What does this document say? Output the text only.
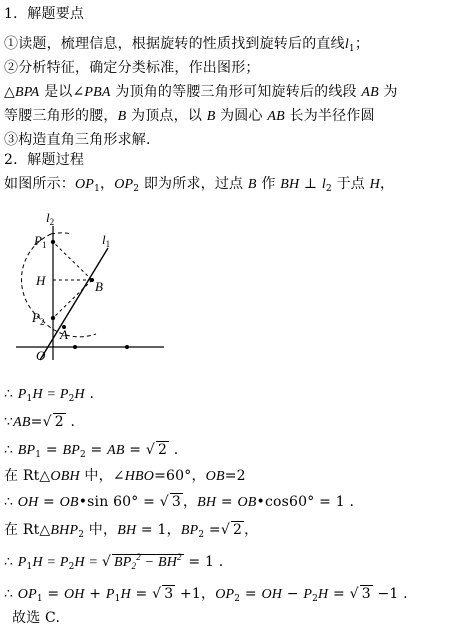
1．解题要点
①读题，梳理信息，根据旋转的性质找到旋转后的直线$l_1$；
②分析特征，确定分类标准，作出图形；
△BPA 是以∠PBA 为顶角的等腰三角形可知旋转后的线段 AB 为
等腰三角形的腰，B 为顶点，以 B 为圆心 AB 长为半径作圆
③构造直角三角形求解.
2．解题过程
如图所示：$OP_1$，$OP_2$ 即为所求，过点 B 作 BH ⊥ $l_2$ 于点 H，
$l_2$
$l_1$
$P_1$
H	B
$P_2$
A
O
∴ $P_1H = P_2H$ .
∵AB=√ 2 .
∴ $BP_1 = BP_2$ = AB = √ 2 .
在 Rt△OBH 中，∠HBO=60°，OB=2
∴ OH = OB•sin 60° = √ 3 ，BH = OB•cos60° = 1 .
在 $Rt\triangle BHP_2$ 中，BH = 1，$BP_2$ =√ 2 ，
∴ $P_1H = P_2H$ = √ $BP_2^2 - BH^2 = 1$ .
∴ $OP_1$ = OH + $P_1H$ = √ 3 +1，$OP_2$ = OH − $P_2H$ = √ 3 −1 .
故选 C.
